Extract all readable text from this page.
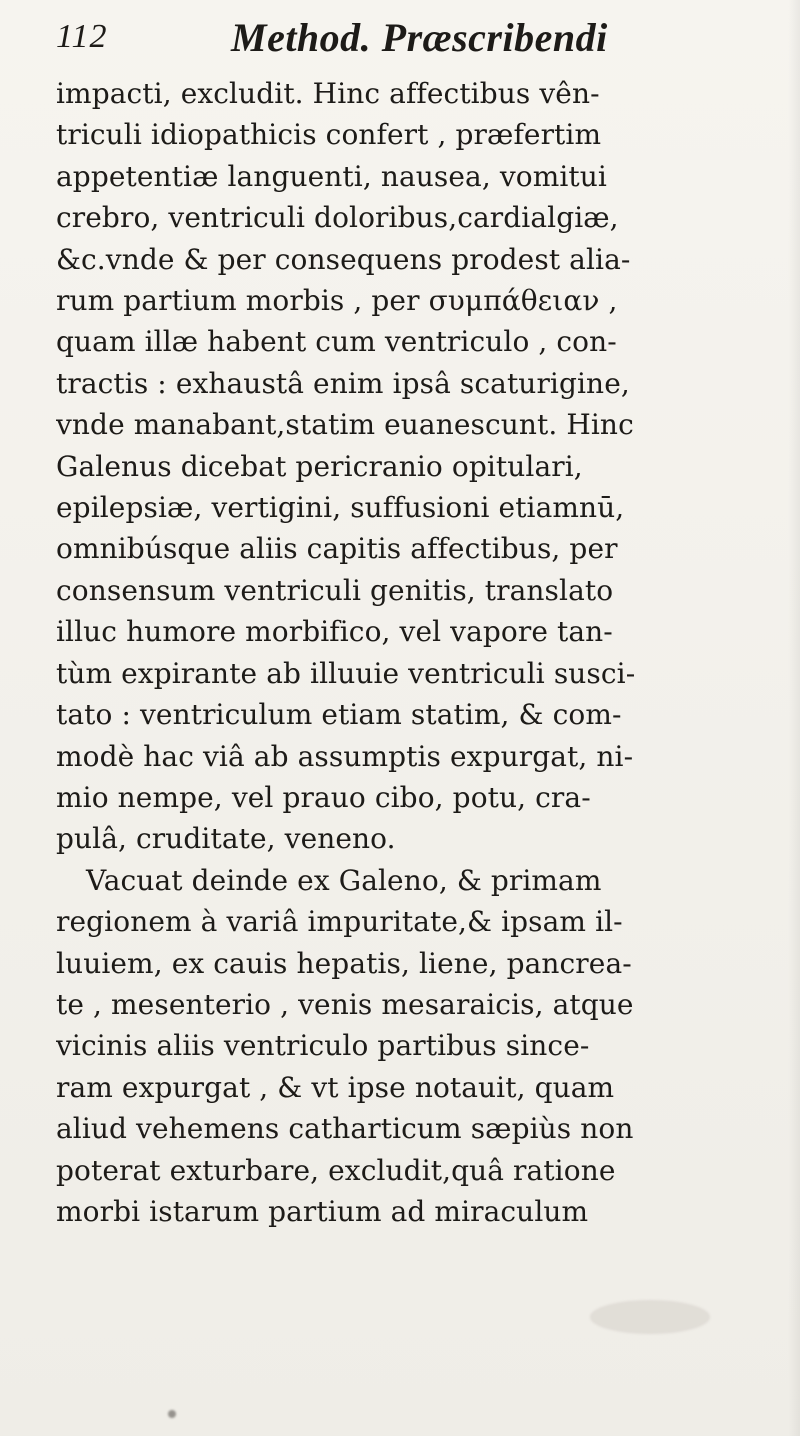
112	Method. Præscribendi
impacti, excludit. Hinc affectibus vên-
triculi idiopathicis confert , præfertim
appetentiæ languenti, nausea, vomitui
crebro, ventriculi doloribus,cardialgiæ,
&c.vnde & per consequens prodest alia-
rum partium morbis , per συμπάθειαν ,
quam illæ habent cum ventriculo , con-
tractis : exhaustâ enim ipsâ scaturigine,
vnde manabant,statim euanescunt. Hinc
Galenus dicebat pericranio opitulari,
epilepsiæ, vertigini, suffusioni etiamnū,
omnibúsque aliis capitis affectibus, per
consensum ventriculi genitis, translato
illuc humore morbifico, vel vapore tan-
tùm expirante ab illuuie ventriculi susci-
tato : ventriculum etiam statim, & com-
modè hac viâ ab assumptis expurgat, ni-
mio nempe, vel prauo cibo, potu, cra-
pulâ, cruditate, veneno.
Vacuat deinde ex Galeno, & primam
regionem à variâ impuritate,& ipsam il-
luuiem, ex cauis hepatis, liene, pancrea-
te , mesenterio , venis mesaraicis, atque
vicinis aliis ventriculo partibus since-
ram expurgat , & vt ipse notauit, quam
aliud vehemens catharticum sæpiùs non
poterat exturbare, excludit,quâ ratione
morbi istarum partium ad miraculum
